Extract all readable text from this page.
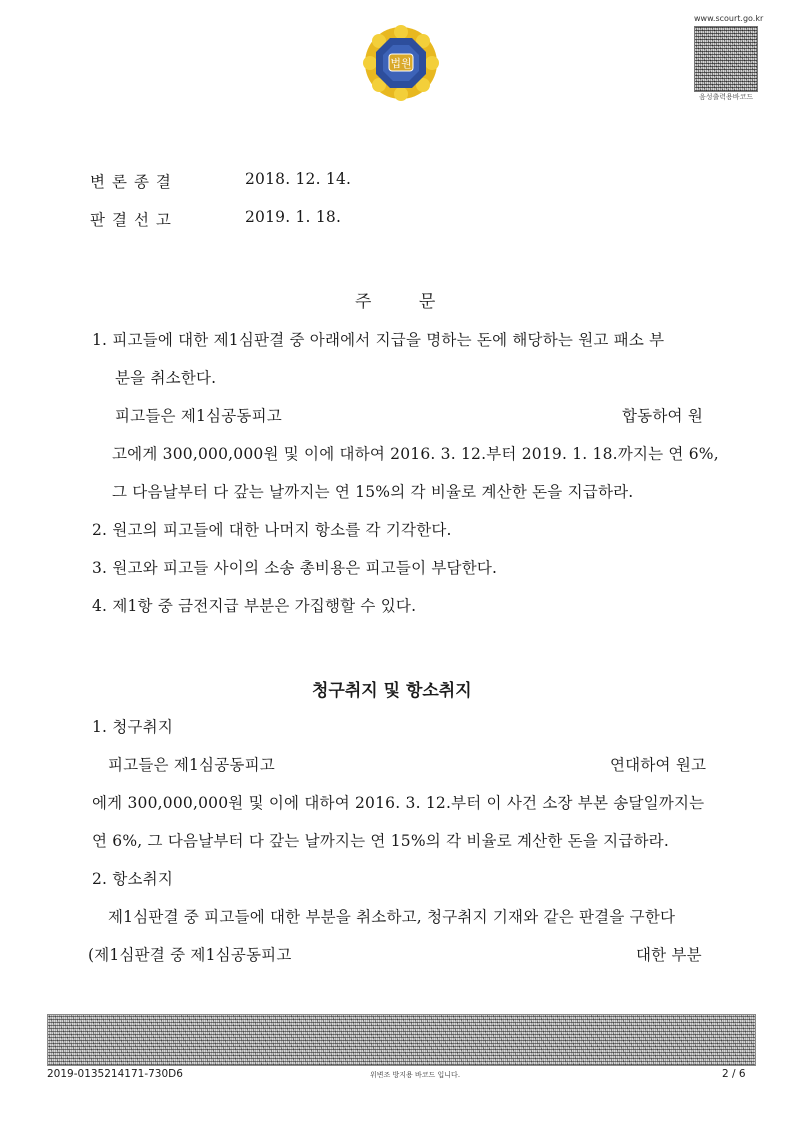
법원
www.scourt.go.kr
음성출력용바코드
변론종결	2018. 12. 14.
판결선고	2019. 1. 18.
주 문
1. 피고들에 대한 제1심판결 중 아래에서 지급을 명하는 돈에 해당하는 원고 패소 부
분을 취소한다.
피고들은 제1심공동피고	합동하여 원
고에게 300,000,000원 및 이에 대하여 2016. 3. 12.부터 2019. 1. 18.까지는 연 6%,
그 다음날부터 다 갚는 날까지는 연 15%의 각 비율로 계산한 돈을 지급하라.
2. 원고의 피고들에 대한 나머지 항소를 각 기각한다.
3. 원고와 피고들 사이의 소송 총비용은 피고들이 부담한다.
4. 제1항 중 금전지급 부분은 가집행할 수 있다.
청구취지 및 항소취지
1. 청구취지
피고들은 제1심공동피고	연대하여 원고
에게 300,000,000원 및 이에 대하여 2016. 3. 12.부터 이 사건 소장 부본 송달일까지는
연 6%, 그 다음날부터 다 갚는 날까지는 연 15%의 각 비율로 계산한 돈을 지급하라.
2. 항소취지
제1심판결 중 피고들에 대한 부분을 취소하고, 청구취지 기재와 같은 판결을 구한다
(제1심판결 중 제1심공동피고	대한 부분
2019-0135214171-730D6	위변조 방지용 바코드 입니다.	2 / 6
